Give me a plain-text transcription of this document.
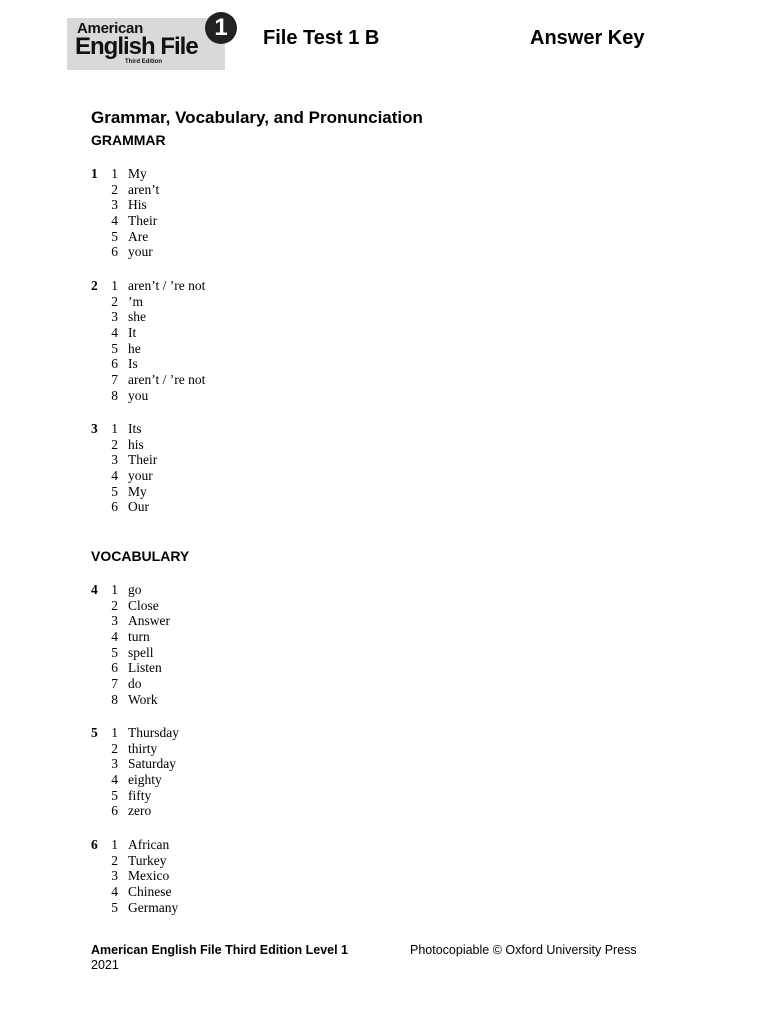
American
English File
Third Edition
1	File Test 1 B	Answer Key
Grammar, Vocabulary, and Pronunciation
GRAMMAR
1 1 My
2 aren’t
3 His
4 Their
5 Are
6 your
2 1 aren’t / ’re not
2 ’m
3 she
4 It
5 he
6 Is
7 aren’t / ’re not
8 you
3 1 Its
2 his
3 Their
4 your
5 My
6 Our
VOCABULARY
4 1 go
2 Close
3 Answer
4 turn
5 spell
6 Listen
7 do
8 Work
5 1 Thursday
2 thirty
3 Saturday
4 eighty
5 fifty
6 zero
6 1 African
2 Turkey
3 Mexico
4 Chinese
5 Germany
American English File Third Edition Level 1
2021
Photocopiable © Oxford University Press
